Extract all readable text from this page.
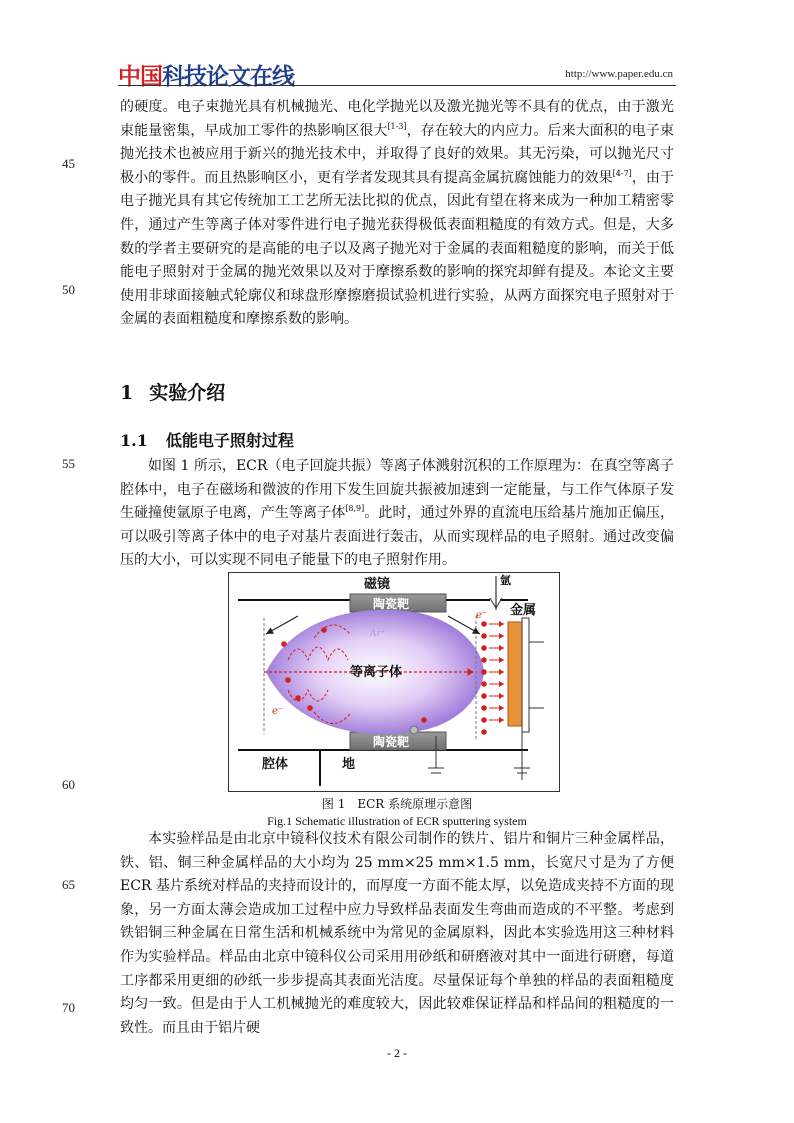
中国科技论文在线	http://www.paper.edu.cn

的硬度。电子束抛光具有机械抛光、电化学抛光以及激光抛光等不具有的优点，由于激光束能量密集，早成加工零件的热影响区很大[1-3]，存在较大的内应力。后来大面积的电子束抛光技术也被应用于新兴的抛光技术中，并取得了良好的效果。其无污染，可以抛光尺寸极小的零件。而且热影响区小，更有学者发现其具有提高金属抗腐蚀能力的效果[4-7]，由于电子抛光具有其它传统加工工艺所无法比拟的优点，因此有望在将来成为一种加工精密零件，通过产生等离子体对零件进行电子抛光获得极低表面粗糙度的有效方式。但是，大多数的学者主要研究的是高能的电子以及离子抛光对于金属的表面粗糙度的影响，而关于低能电子照射对于金属的抛光效果以及对于摩擦系数的影响的探究却鲜有提及。本论文主要使用非球面接触式轮廓仪和球盘形摩擦磨损试验机进行实验，从两方面探究电子照射对于金属的表面粗糙度和摩擦系数的影响。

1 实验介绍
1.1 低能电子照射过程

如图 1 所示，ECR（电子回旋共振）等离子体溅射沉积的工作原理为：在真空等离子腔体中，电子在磁场和微波的作用下发生回旋共振被加速到一定能量，与工作气体原子发生碰撞使氩原子电离，产生等离子体[8,9]。此时，通过外界的直流电压给基片施加正偏压，可以吸引等离子体中的电子对基片表面进行轰击，从而实现样品的电子照射。通过改变偏压的大小，可以实现不同电子能量下的电子照射作用。

磁镜	氩
金属
陶瓷靶
陶瓷靶
Ar⁺
等离子体
e⁻
e⁻
腔体	地

图 1　ECR 系统原理示意图

Fig.1 Schematic illustration of ECR sputtering system

本实验样品是由北京中镜科仪技术有限公司制作的铁片、铝片和铜片三种金属样品，铁、铝、铜三种金属样品的大小均为 25 mm×25 mm×1.5 mm，长宽尺寸是为了方便 ECR 基片系统对样品的夹持而设计的，而厚度一方面不能太厚，以免造成夹持不方面的现象，另一方面太薄会造成加工过程中应力导致样品表面发生弯曲而造成的不平整。考虑到铁铝铜三种金属在日常生活和机械系统中为常见的金属原料，因此本实验选用这三种材料作为实验样品。样品由北京中镜科仪公司采用用砂纸和研磨液对其中一面进行研磨，每道工序都采用更细的砂纸一步步提高其表面光洁度。尽量保证每个单独的样品的表面粗糙度均匀一致。但是由于人工机械抛光的难度较大，因此较难保证样品和样品间的粗糙度的一致性。而且由于铝片硬

45
50
55
60
65
70
- 2 -
